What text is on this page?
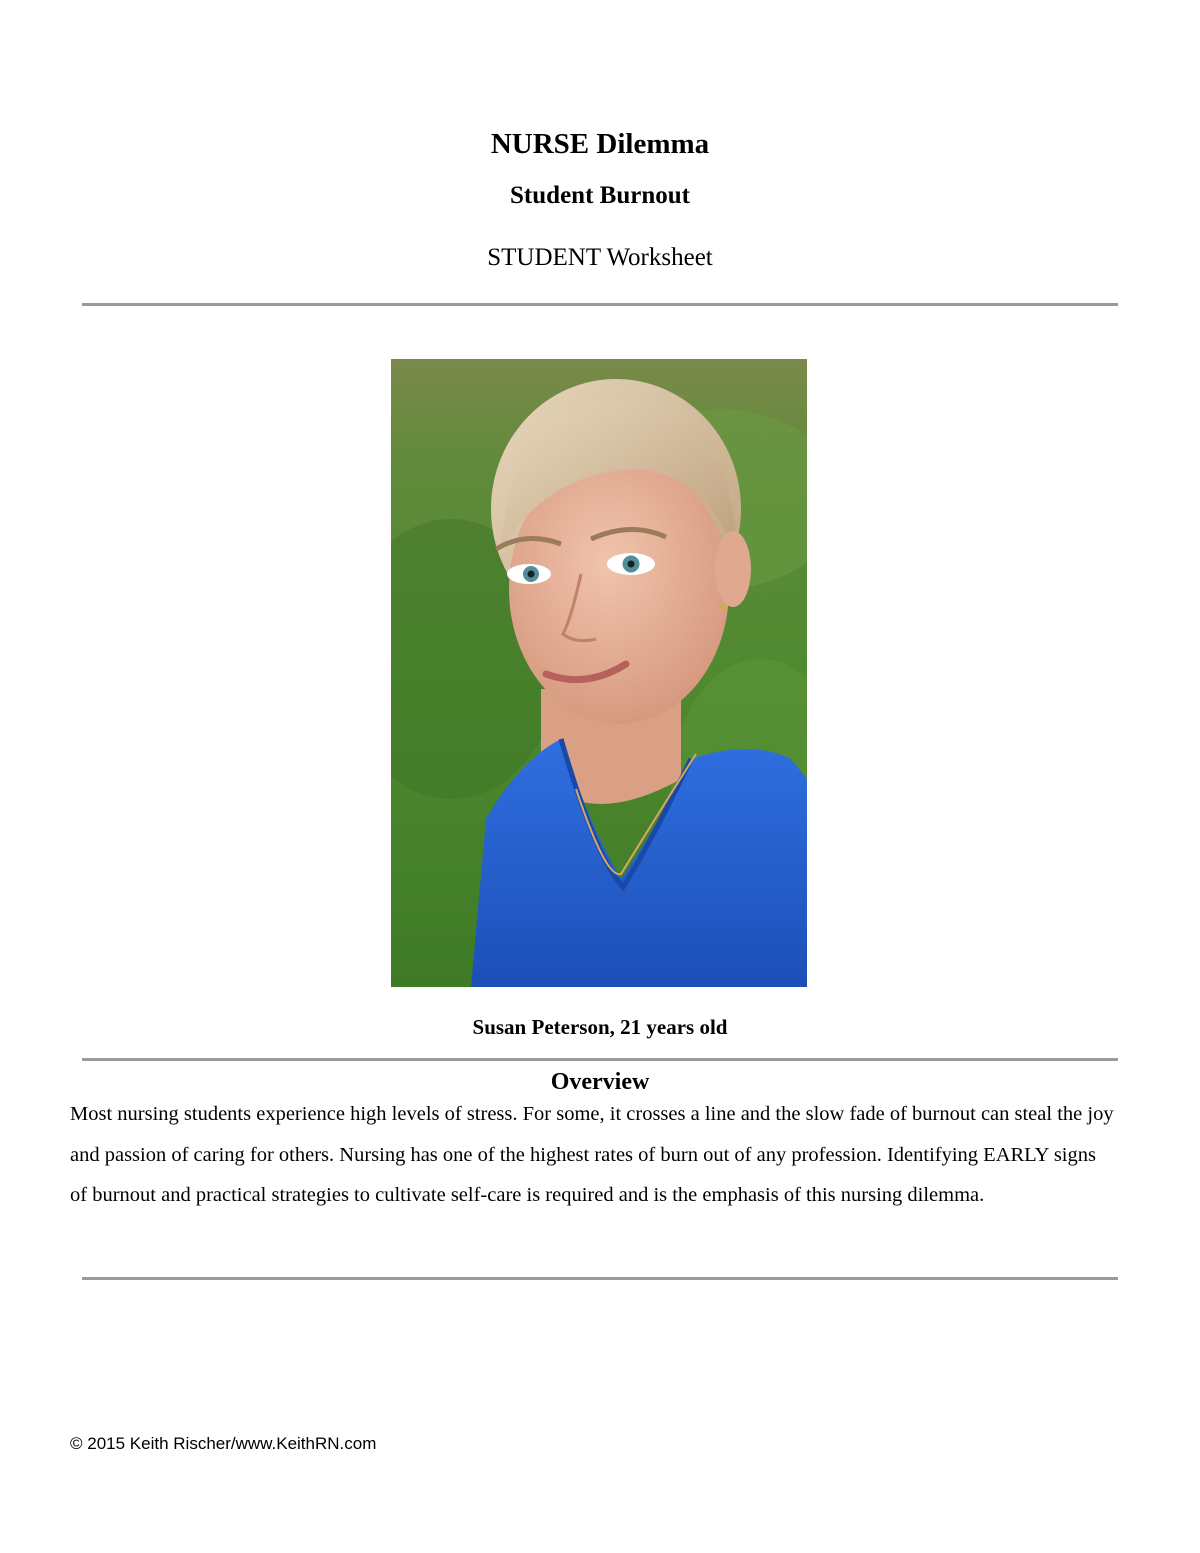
NURSE Dilemma
Student Burnout
STUDENT Worksheet
Susan Peterson, 21 years old
Overview

Most nursing students experience high levels of stress. For some, it crosses a line and the slow fade of burnout can steal the joy and passion of caring for others. Nursing has one of the highest rates of burn out of any profession. Identifying EARLY signs of burnout and practical strategies to cultivate self-care is required and is the emphasis of this nursing dilemma.

© 2015 Keith Rischer/www.KeithRN.com
